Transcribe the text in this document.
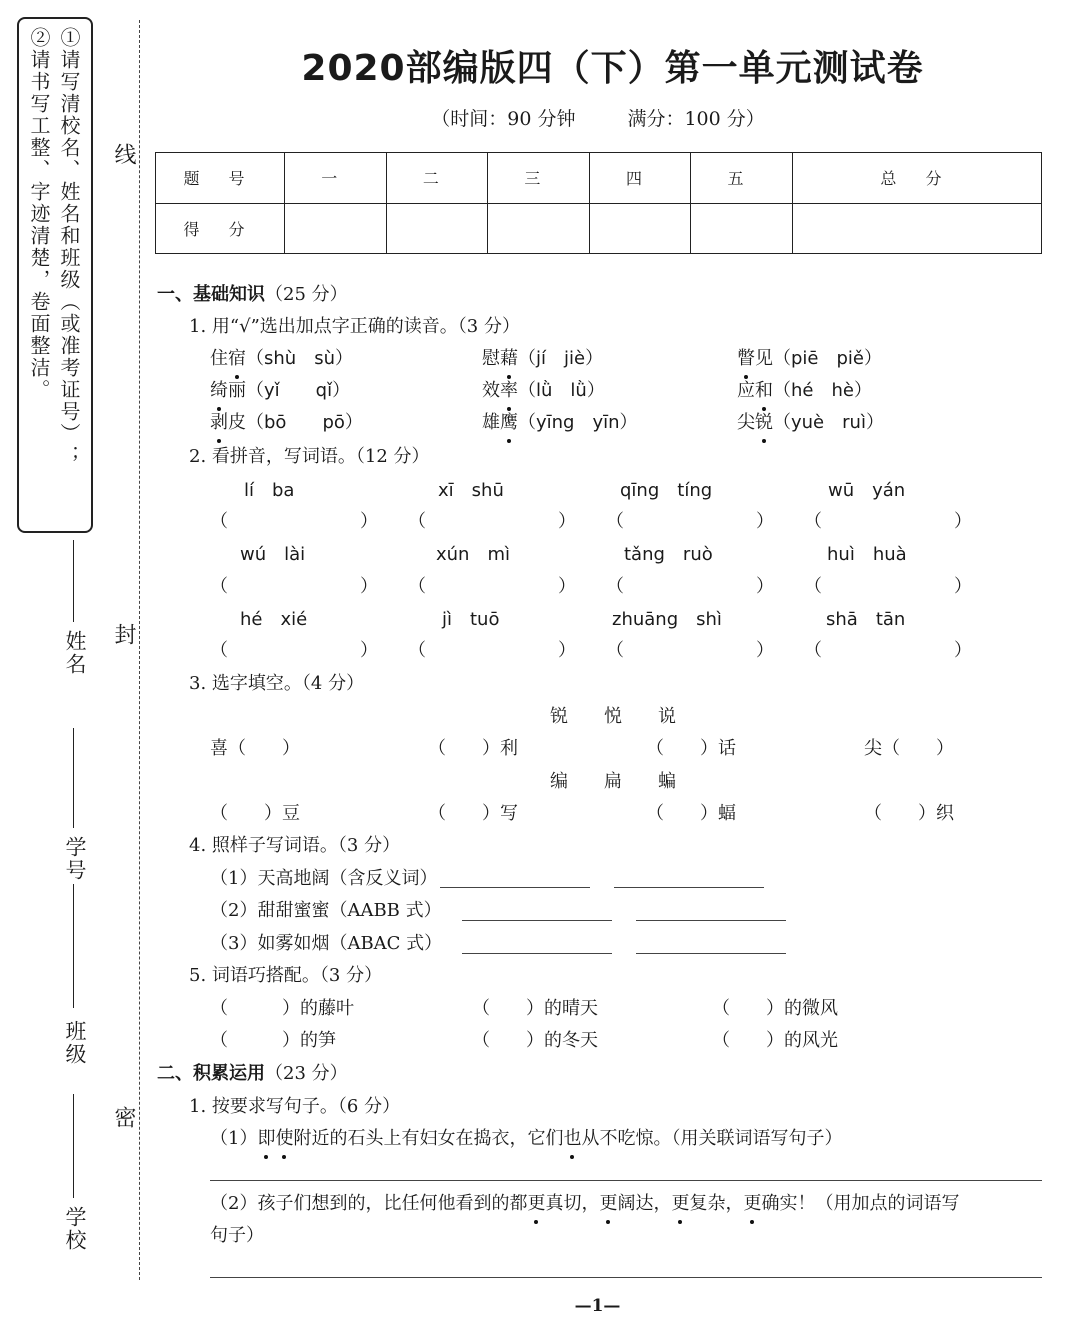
①请写清校名、姓名和班级（或准考证号）；
②请书写工整、字迹清楚，卷面整洁。
姓名
学号
班级
学校
线
封
密
2020部编版四（下）第一单元测试卷
（时间：90 分钟	满分：100 分）
题 号	一	二	三	四	五	总 分
得 分						
一、基础知识（25 分）
1. 用“√”选出加点字正确的读音。（3 分）
住宿（shù　sù）	慰藉（jí　jiè）	瞥见（piē　piě）
绮丽（yǐ　　qǐ）	效率（lǜ　lǜ）	应和（hé　hè）
剥皮（bō　　pō）	雄鹰（yīng　yīn）	尖锐（yuè　ruì）
2. 看拼音，写词语。（12 分）
lí　ba	xī　shū	qīng　tíng	wū　yán
（　　　　　） （　　　　　） （　　　　　） （　　　　　）
wú　lài	xún　mì	tǎng　ruò	huì　huà
（　　　　　） （　　　　　） （　　　　　） （　　　　　）
hé　xié	jì　tuō	zhuāng　shì	shā　tān
（　　　　　） （　　　　　） （　　　　　） （　　　　　）
3. 选字填空。（4 分）
锐　　悦　　说
喜（　　）	（　　）利	（　　）话	尖（　　）
编　　扁　　蝙
（　　）豆	（　　）写	（　　）蝠	（　　）织
4. 照样子写词语。（3 分）
（1）天高地阔（含反义词）
（2）甜甜蜜蜜（AABB 式）
（3）如雾如烟（ABAC 式）
5. 词语巧搭配。（3 分）
（　　　）的藤叶	（　　）的晴天	（　　）的微风
（　　　）的笋	（　　）的冬天	（　　）的风光
二、积累运用（23 分）
1. 按要求写句子。（6 分）
（1）即使附近的石头上有妇女在捣衣，它们也从不吃惊。（用关联词语写句子）
（2）孩子们想到的，比任何他看到的都更真切，更阔达，更复杂，更确实！（用加点的词语写
句子）
—1—
